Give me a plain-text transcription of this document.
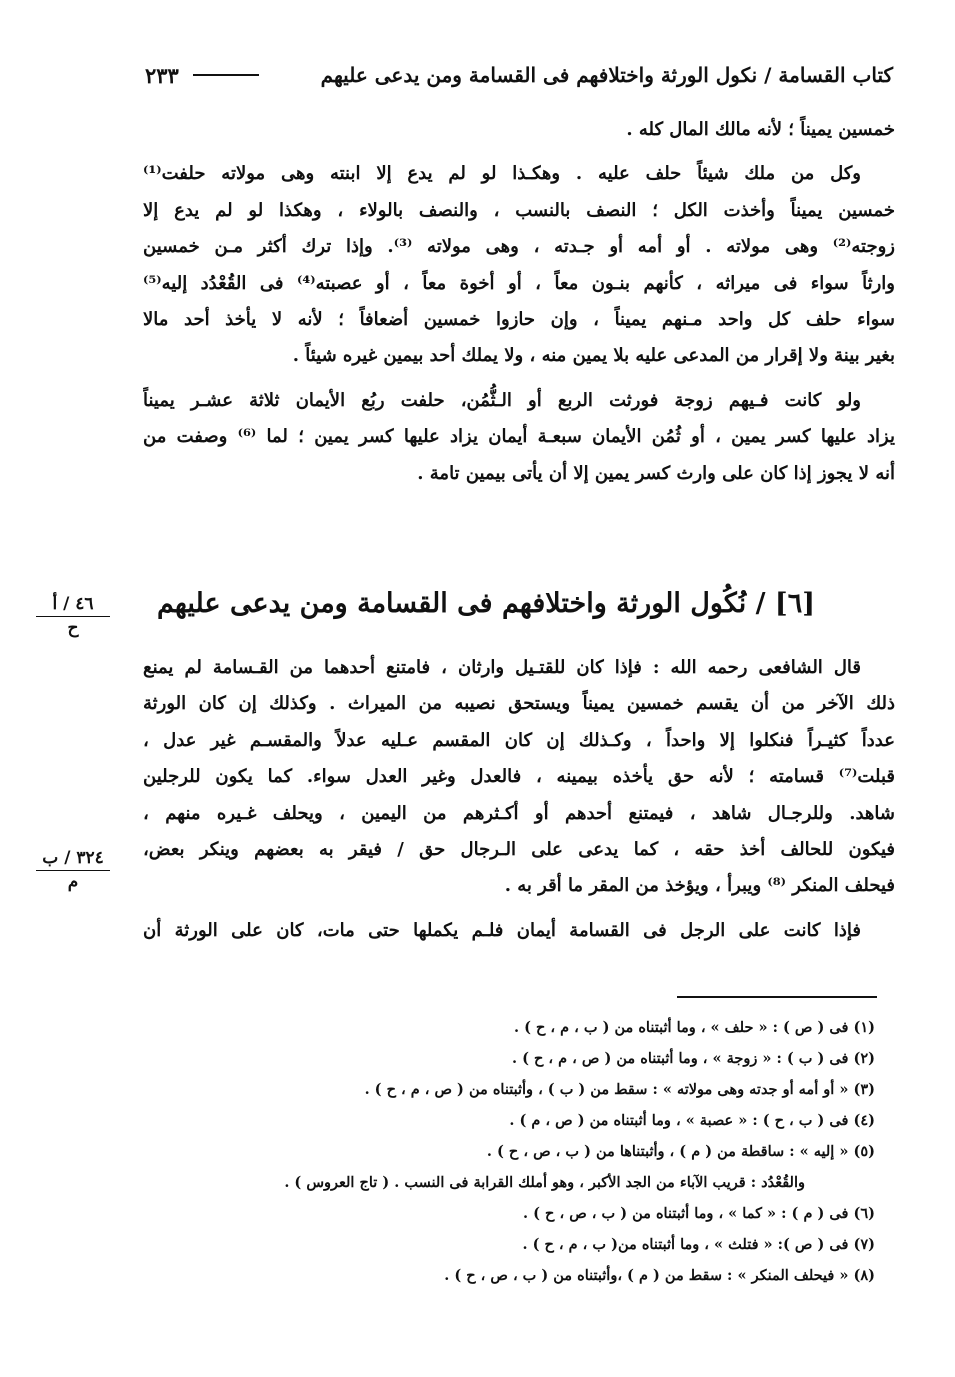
كتاب القسامة / نكول الورثة واختلافهم فى القسامة ومن يدعى عليهم
٢٣٣

خمسين يميناً ؛ لأنه مالك المال كله .

وكل من ملك شيئاً حلف عليه . وهكـذا لو لم يدع إلا ابنته وهى مولاته حلفت⁽¹⁾
خمسين يميناً وأخذت الكل ؛ النصف بالنسب ، والنصف بالولاء ، وهكذا لو لم يدع إلا
زوجته⁽²⁾ وهى مولاته . أو أمه أو جـدته ، وهى مولاته ⁽³⁾. وإذا ترك أكثر مـن خمسين
وارثاً سواء فى ميراثه ، كأنهم بنـون معاً ، أو أخوة معاً ، أو عصبته⁽⁴⁾ فى القُعْدُد إليه⁽⁵⁾
سواء حلف كل واحد مـنهم يميناً ، وإن حازوا خمسين أضعافاً ؛ لأنه لا يأخذ أحد مالا
بغير بينة ولا إقرار من المدعى عليه بلا يمين منه ، ولا يملك أحد بيمين غيره شيئاً .

ولو كانت فـيهم زوجة فورثت الربع أو الـثُّمُن، حلفت ربُع الأيمان ثلاثة عشـر يميناً
يزاد عليها كسر يمين ، أو ثُمُن الأيمان سبعـة أيمان يزاد عليها كسر يمين ؛ لما ⁽⁶⁾ وصفت من
أنه لا يجوز إذا كان على وارث كسر يمين إلا أن يأتى بيمين تامة .

[٦] / نُكُول الورثة واختلافهم فى القسامة ومن يدعى عليهم
٤٦ / أ
ح
٣٢٤ / ب
م

قال الشافعى رحمه الله : فإذا كان للقتـيل وارثان ، فامتنع أحدهما من القـسامة لم يمنع
ذلك الآخر من أن يقسم خمسين يميناً ويستحق نصيبه من الميراث . وكذلك إن كان الورثة
عدداً كثيـراً فنكلوا إلا واحداً ، وكـذلك إن كان المقسم عـليه عدلاً والمقسـم غير عدل ،
قبلت⁽⁷⁾ قسامته ؛ لأنه حق يأخذه بيمينه ، فالعدل وغير العدل سواء. كما يكون للرجلين
شاهد. وللرجـال شاهد ، فيمتنع أحدهم أو أكـثرهم من اليمين ، ويحلف غـيره منهم ،
فيكون للحالف أخذ حقه ، كما يدعى على الـرجال حق / فيقر به بعضهم وينكر بعض،
فيحلف المنكر ⁽⁸⁾ ويبرأ ، ويؤخذ من المقر ما أقر به .

فإذا كانت على الرجل فى القسامة أيمان فلـم يكملها حتى مات، كان على الورثة أن

(١) فى ( ص ) : « حلف » ، وما أثبتناه من ( ب ، م ، ح ) .
(٢) فى ( ب ) : « زوجة » ، وما أثبتناه من ( ص ، م ، ح ) .
(٣) « أو أمه أو جدته وهى مولاته » : سقط من ( ب ) ، وأثبتناه من ( ص ، م ، ح ) .
(٤) فى ( ب ، ح ) : « عصبة » ، وما أثبتناه من ( ص ، م ) .
(٥) « إليه » : ساقطة من ( م ) ، وأثبتناها من ( ب ، ص ، ح ) .
والقُعْدُد : قريب الآباء من الجد الأكبر ، وهو أملك القرابة فى النسب . ( تاج العروس ) .
(٦) فى ( م ) : « كما » ، وما أثبتناه من ( ب ، ص ، ح ) .
(٧) فى ( ص ): « فتلث » ، وما أثبتناه من( ب ، م ، ح ) .
(٨) « فيحلف المنكر » : سقط من ( م ) ،وأثبتناه من ( ب ، ص ، ح ) .
